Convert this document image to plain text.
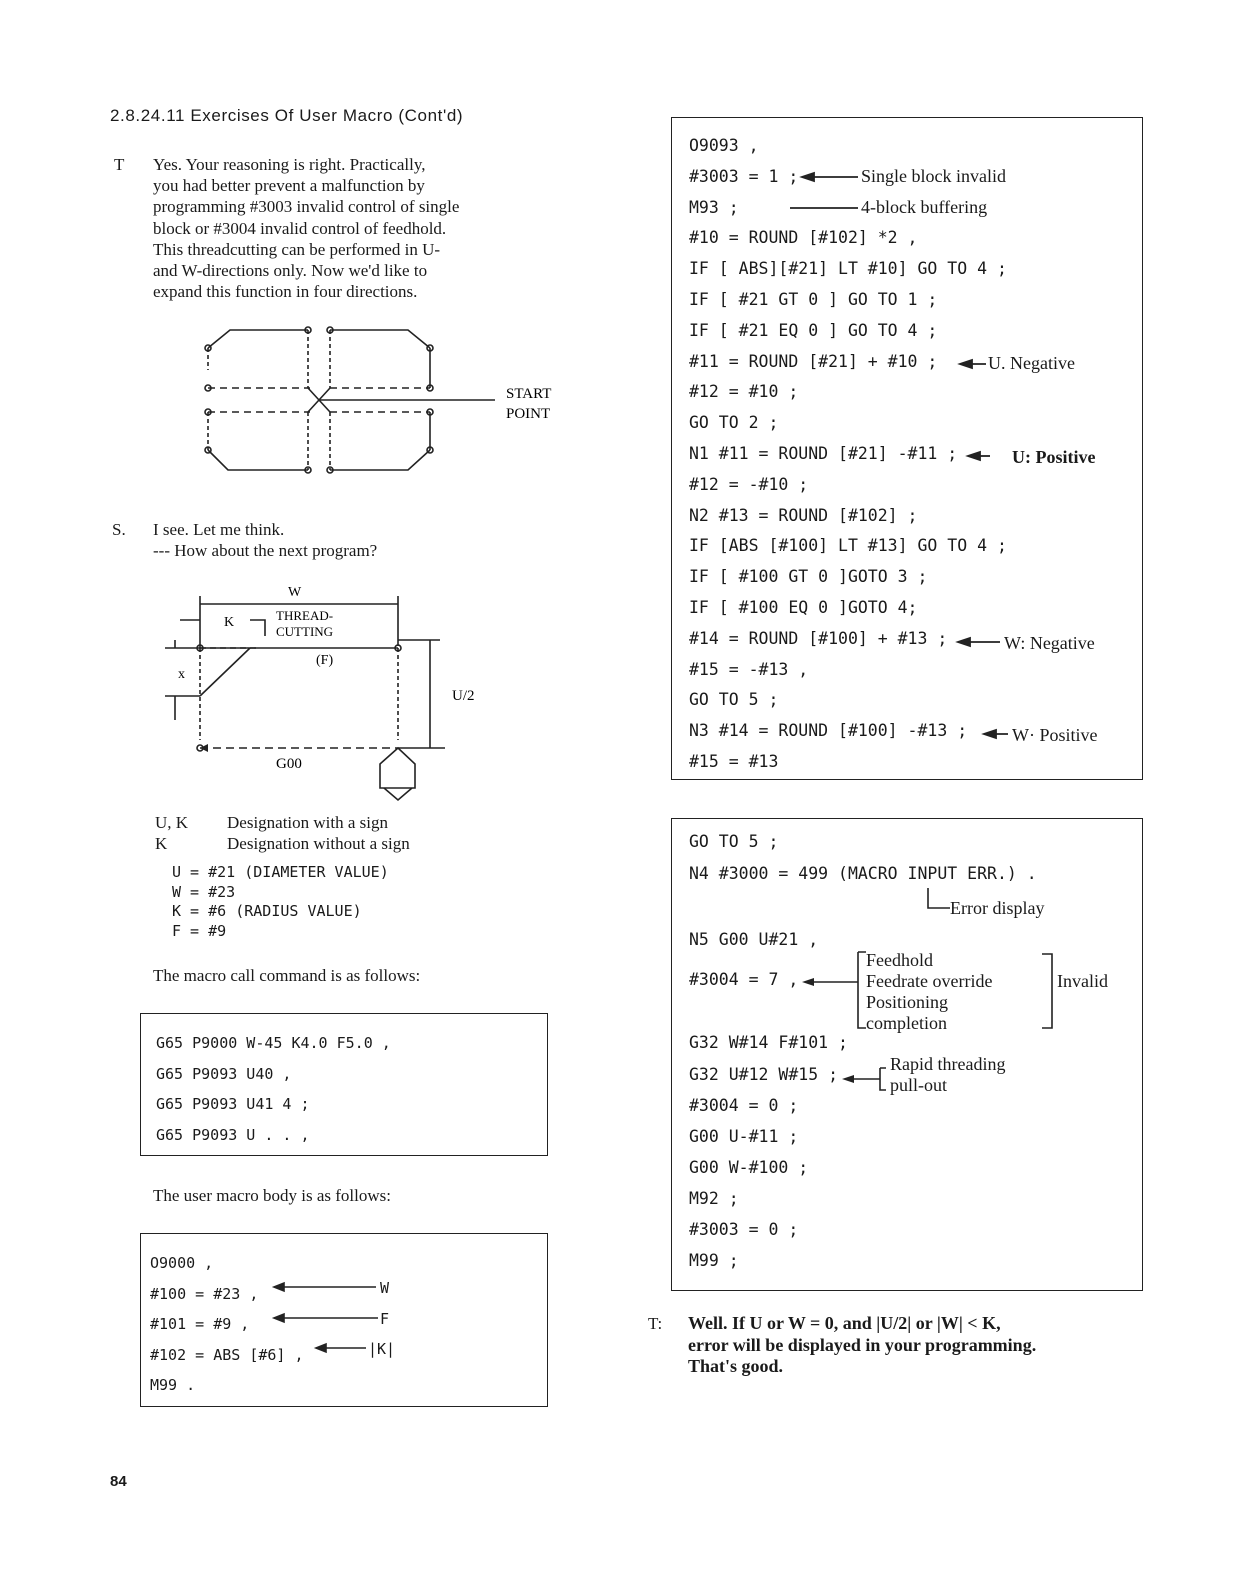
2.8.24.11 Exercises Of User Macro (Cont'd)
T Yes. Your reasoning is right. Practically,
you had better prevent a malfunction by
programming #3003 invalid control of single
block or #3004 invalid control of feedhold.
This threadcutting can be performed in U-
and W-directions only. Now we'd like to
expand this function in four directions.
START
POINT
S. I see. Let me think.
--- How about the next program?
W
K	THREAD-
CUTTING
x
(F)
U/2
G00
U, K Designation with a sign
K	Designation without a sign
U = #21 (DIAMETER VALUE)
W = #23
K = #6 (RADIUS VALUE)
F = #9
The macro call command is as follows:
G65 P9000 W-45 K4.0 F5.0 ,
G65 P9093 U40 ,
G65 P9093 U41 4 ;
G65 P9093 U . . ,
The user macro body is as follows:
O9000 ,
#100 = #23 ,
#101 = #9 ,
#102 = ABS [#6] ,
M99 .
W
F
|K|
O9093 ,
#3003 = 1 ;
M93 ;
#10 = ROUND [#102] *2 ,
IF [ ABS][#21] LT #10] GO TO 4 ;
IF [ #21 GT 0 ] GO TO 1 ;
IF [ #21 EQ 0 ] GO TO 4 ;
#11 = ROUND [#21] + #10 ;
#12 = #10 ;
GO TO 2 ;
N1 #11 = ROUND [#21] -#11 ;
#12 = -#10 ;
N2 #13 = ROUND [#102] ;
IF [ABS [#100] LT #13] GO TO 4 ;
IF [ #100 GT 0 ]GOTO 3 ;
IF [ #100 EQ 0 ]GOTO 4;
#14 = ROUND [#100] + #13 ;
#15 = -#13 ,
GO TO 5 ;
N3 #14 = ROUND [#100] -#13 ;
#15 = #13
Single block invalid
4-block buffering
U. Negative
U: Positive
W: Negative
W· Positive
GO TO 5 ;
N4 #3000 = 499 (MACRO INPUT ERR.) .
N5 G00 U#21 ,
#3004 = 7 ,
G32 W#14 F#101 ;
G32 U#12 W#15 ;
#3004 = 0 ;
G00 U-#11 ;
G00 W-#100 ;
M92 ;
#3003 = 0 ;
M99 ;
Error display
Feedhold
Feedrate override
Positioning
completion
Invalid
Rapid threading
pull-out
T: Well. If U or W = 0, and |U/2| or |W| < K,
error will be displayed in your programming.
That's good.
84
